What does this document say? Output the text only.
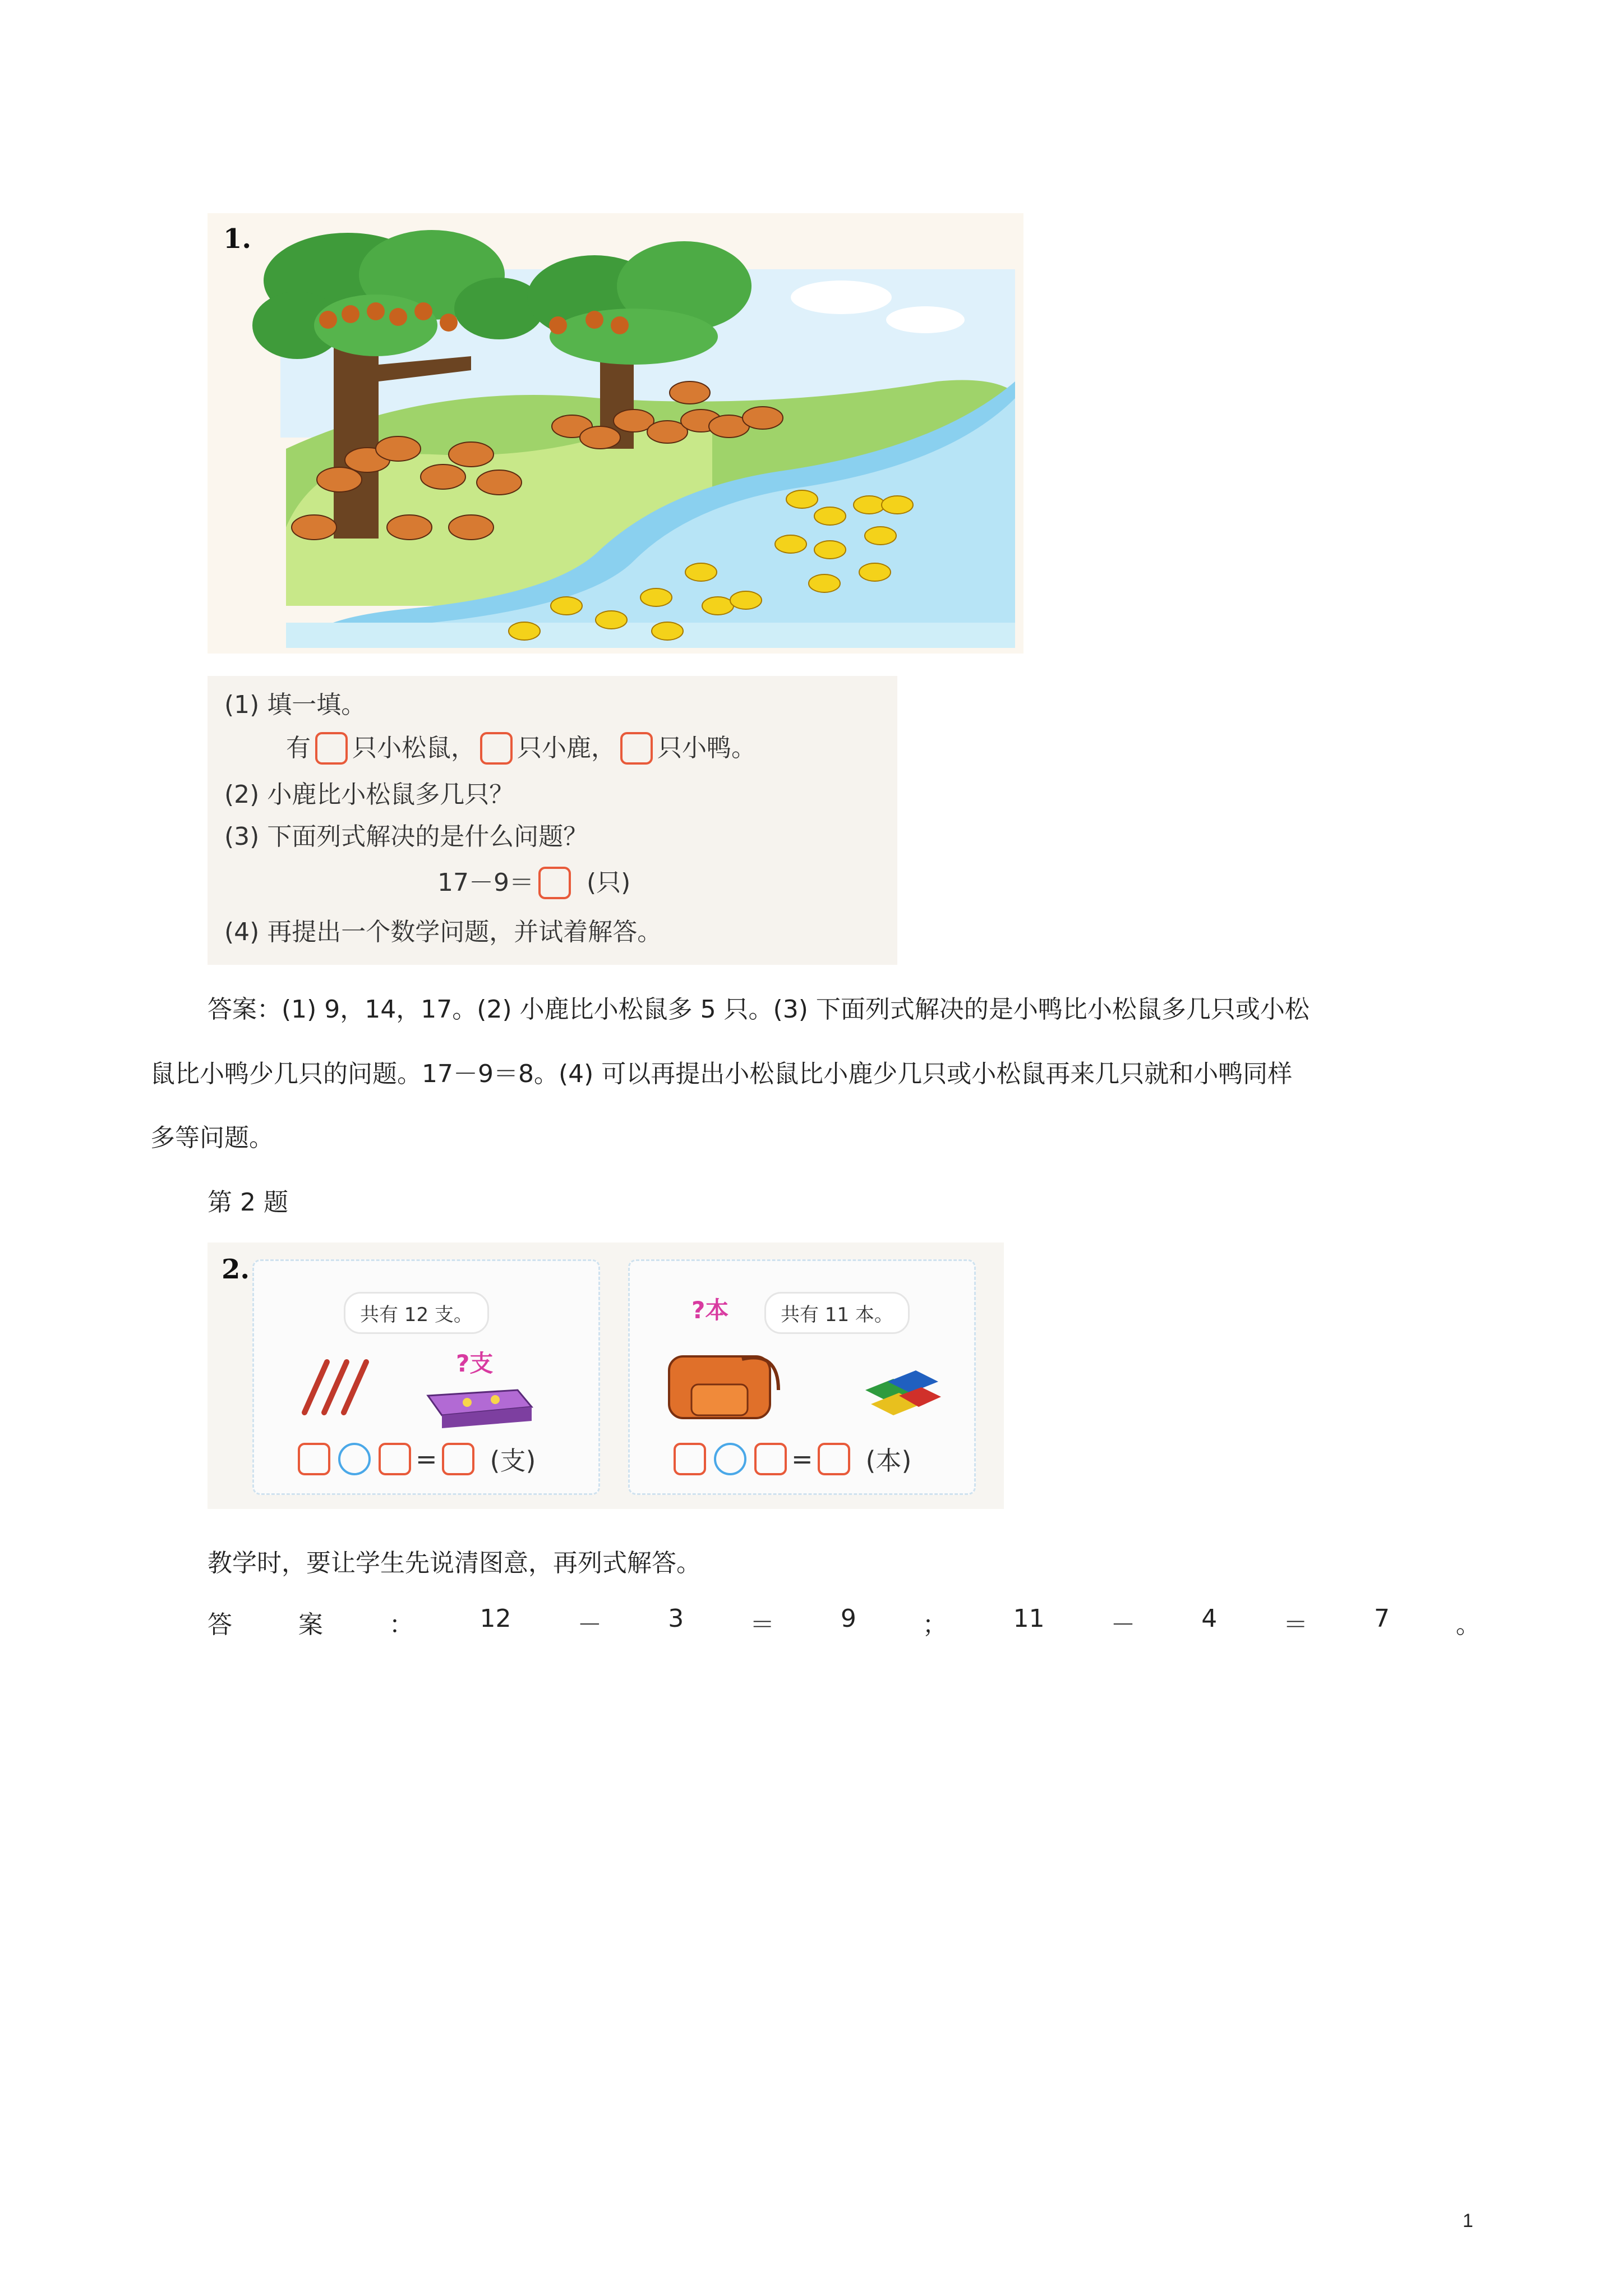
1.
(1) 填一填。
有 只小松鼠， 只小鹿， 只小鸭。
(2) 小鹿比小松鼠多几只？
(3) 下面列式解决的是什么问题？
17－9＝ (只)
(4) 再提出一个数学问题，并试着解答。
答案：(1) 9，14，17。(2) 小鹿比小松鼠多 5 只。(3) 下面列式解决的是小鸭比小松鼠多几只或小松
鼠比小鸭少几只的问题。17－9＝8。(4) 可以再提出小松鼠比小鹿少几只或小松鼠再来几只就和小鸭同样
多等问题。
第 2 题
2.
共有 12 支。
?支
= (支)
共有 11 本。
?本
= (本)
教学时，要让学生先说清图意，再列式解答。
答	案	：	12	－	3	＝	9	；	11	－	4	＝	7	。
1
